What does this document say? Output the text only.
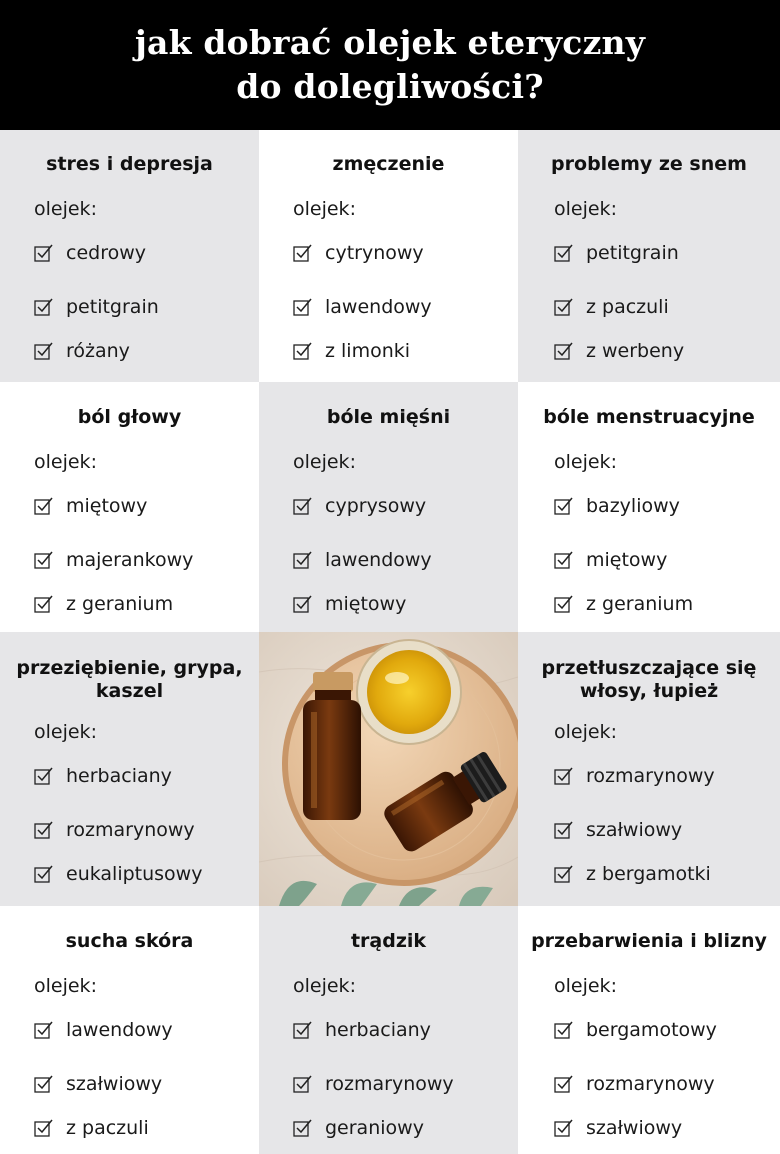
jak dobrać olejek eteryczny
do dolegliwości?
stres i depresja
olejek:
cedrowy
petitgrain
różany
zmęczenie
olejek:
cytrynowy
lawendowy
z limonki
problemy ze snem
olejek:
petitgrain
z paczuli
z werbeny
ból głowy
olejek:
miętowy
majerankowy
z geranium
bóle mięśni
olejek:
cyprysowy
lawendowy
miętowy
bóle menstruacyjne
olejek:
bazyliowy
miętowy
z geranium
przeziębienie, grypa, kaszel
olejek:
herbaciany
rozmarynowy
eukaliptusowy
przetłuszczające się włosy, łupież
olejek:
rozmarynowy
szałwiowy
z bergamotki
sucha skóra
olejek:
lawendowy
szałwiowy
z paczuli
trądzik
olejek:
herbaciany
rozmarynowy
geraniowy
przebarwienia i blizny
olejek:
bergamotowy
rozmarynowy
szałwiowy
